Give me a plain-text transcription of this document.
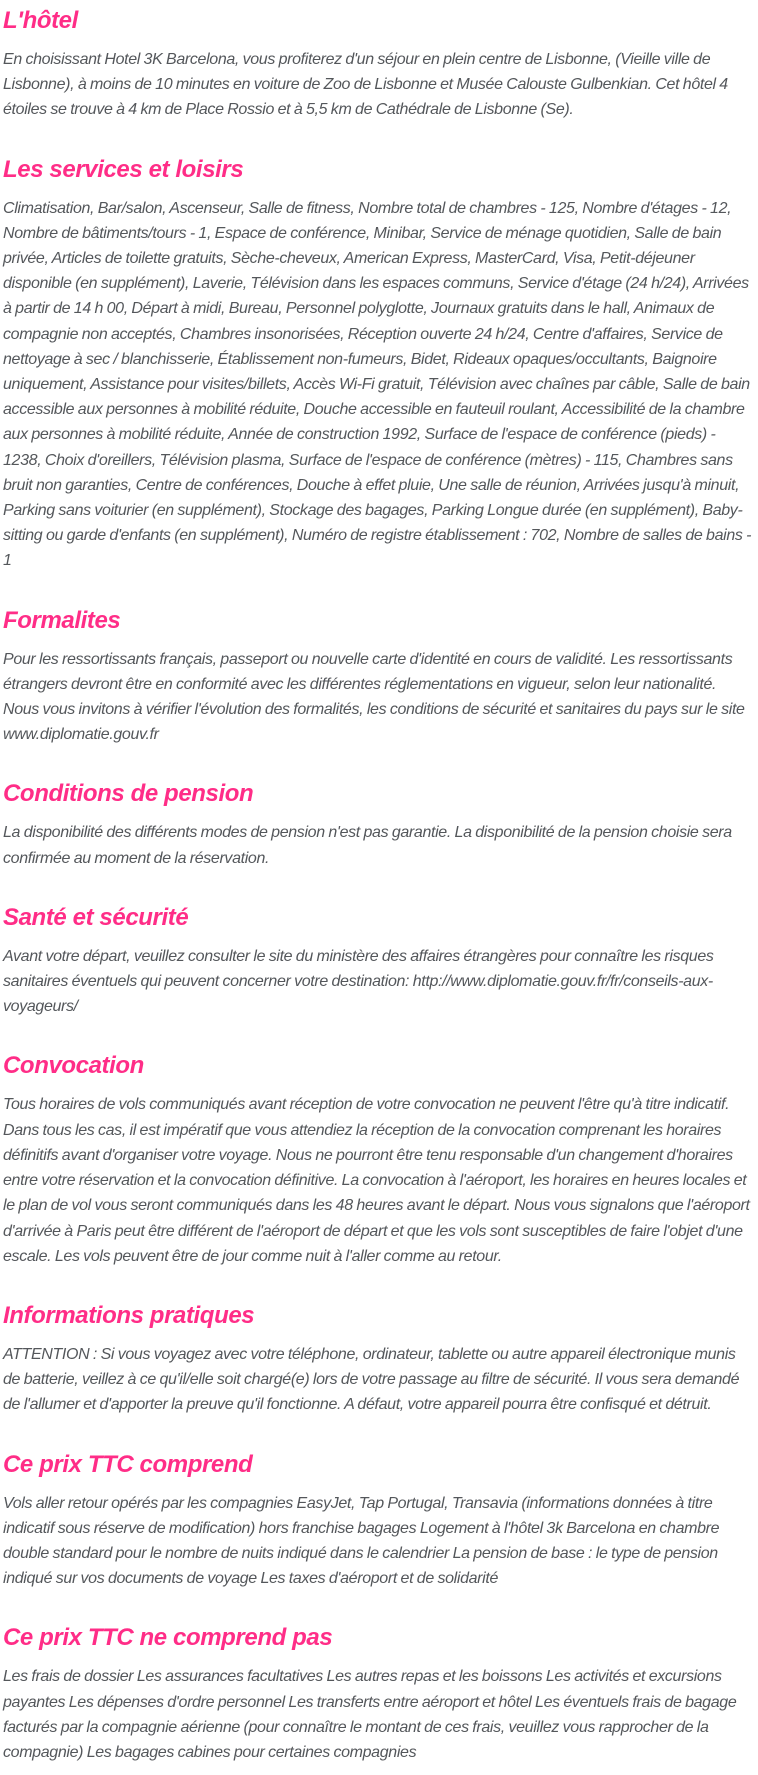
L'hôtel

En choisissant Hotel 3K Barcelona, vous profiterez d'un séjour en plein centre de Lisbonne, (Vieille ville de Lisbonne), à moins de 10 minutes en voiture de Zoo de Lisbonne et Musée Calouste Gulbenkian. Cet hôtel 4 étoiles se trouve à 4 km de Place Rossio et à 5,5 km de Cathédrale de Lisbonne (Se).

Les services et loisirs

Climatisation, Bar/salon, Ascenseur, Salle de fitness, Nombre total de chambres - 125, Nombre d'étages - 12, Nombre de bâtiments/tours - 1, Espace de conférence, Minibar, Service de ménage quotidien, Salle de bain privée, Articles de toilette gratuits, Sèche-cheveux, American Express, MasterCard, Visa, Petit-déjeuner disponible (en supplément), Laverie, Télévision dans les espaces communs, Service d'étage (24 h/24), Arrivées à partir de 14 h 00, Départ à midi, Bureau, Personnel polyglotte, Journaux gratuits dans le hall, Animaux de compagnie non acceptés, Chambres insonorisées, Réception ouverte 24 h/24, Centre d'affaires, Service de nettoyage à sec / blanchisserie, Établissement non-fumeurs, Bidet, Rideaux opaques/occultants, Baignoire uniquement, Assistance pour visites/billets, Accès Wi-Fi gratuit, Télévision avec chaînes par câble, Salle de bain accessible aux personnes à mobilité réduite, Douche accessible en fauteuil roulant, Accessibilité de la chambre aux personnes à mobilité réduite, Année de construction 1992, Surface de l'espace de conférence (pieds) - 1238, Choix d'oreillers, Télévision plasma, Surface de l'espace de conférence (mètres) - 115, Chambres sans bruit non garanties, Centre de conférences, Douche à effet pluie, Une salle de réunion, Arrivées jusqu'à minuit, Parking sans voiturier (en supplément), Stockage des bagages, Parking Longue durée (en supplément), Baby-sitting ou garde d'enfants (en supplément), Numéro de registre établissement : 702, Nombre de salles de bains - 1

Formalites

Pour les ressortissants français, passeport ou nouvelle carte d'identité en cours de validité. Les ressortissants étrangers devront être en conformité avec les différentes réglementations en vigueur, selon leur nationalité. Nous vous invitons à vérifier l'évolution des formalités, les conditions de sécurité et sanitaires du pays sur le site www.diplomatie.gouv.fr

Conditions de pension

La disponibilité des différents modes de pension n'est pas garantie. La disponibilité de la pension choisie sera confirmée au moment de la réservation.

Santé et sécurité

Avant votre départ, veuillez consulter le site du ministère des affaires étrangères pour connaître les risques sanitaires éventuels qui peuvent concerner votre destination: http://www.diplomatie.gouv.fr/fr/conseils-aux-voyageurs/

Convocation

Tous horaires de vols communiqués avant réception de votre convocation ne peuvent l'être qu'à titre indicatif. Dans tous les cas, il est impératif que vous attendiez la réception de la convocation comprenant les horaires définitifs avant d'organiser votre voyage. Nous ne pourront être tenu responsable d'un changement d'horaires entre votre réservation et la convocation définitive. La convocation à l'aéroport, les horaires en heures locales et le plan de vol vous seront communiqués dans les 48 heures avant le départ. Nous vous signalons que l'aéroport d'arrivée à Paris peut être différent de l'aéroport de départ et que les vols sont susceptibles de faire l'objet d'une escale. Les vols peuvent être de jour comme nuit à l'aller comme au retour.

Informations pratiques

ATTENTION : Si vous voyagez avec votre téléphone, ordinateur, tablette ou autre appareil électronique munis de batterie, veillez à ce qu'il/elle soit chargé(e) lors de votre passage au filtre de sécurité. Il vous sera demandé de l'allumer et d'apporter la preuve qu'il fonctionne. A défaut, votre appareil pourra être confisqué et détruit.

Ce prix TTC comprend

Vols aller retour opérés par les compagnies EasyJet, Tap Portugal, Transavia (informations données à titre indicatif sous réserve de modification) hors franchise bagages Logement à l'hôtel 3k Barcelona en chambre double standard pour le nombre de nuits indiqué dans le calendrier La pension de base : le type de pension indiqué sur vos documents de voyage Les taxes d'aéroport et de solidarité

Ce prix TTC ne comprend pas

Les frais de dossier Les assurances facultatives Les autres repas et les boissons Les activités et excursions payantes Les dépenses d'ordre personnel Les transferts entre aéroport et hôtel Les éventuels frais de bagage facturés par la compagnie aérienne (pour connaître le montant de ces frais, veuillez vous rapprocher de la compagnie) Les bagages cabines pour certaines compagnies
